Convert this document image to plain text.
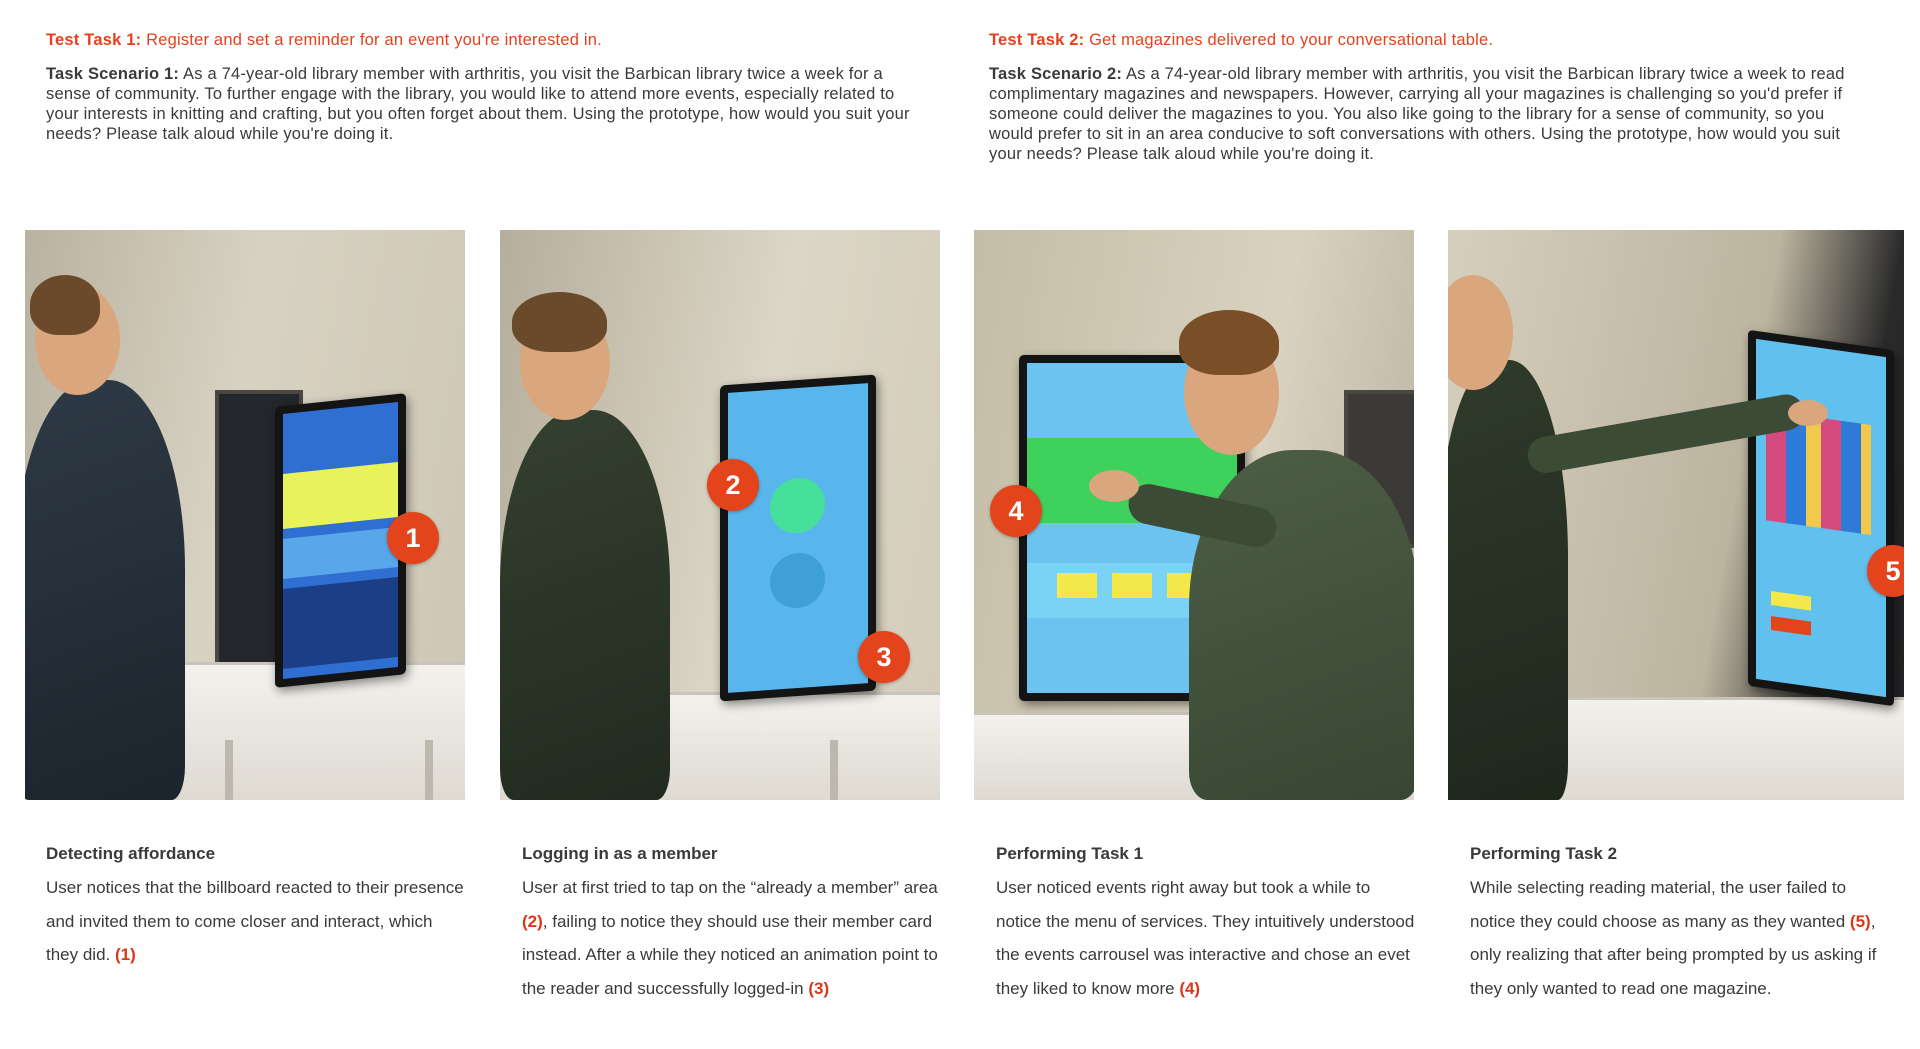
Test Task 1: Register and set a reminder for an event you're interested in.
Task Scenario 1: As a 74-year-old library member with arthritis, you visit the Barbican library twice a week for a sense of community. To further engage with the library, you would like to attend more events, especially related to your interests in knitting and crafting, but you often forget about them. Using the prototype, how would you suit your needs? Please talk aloud while you're doing it.
Test Task 2: Get magazines delivered to your conversational table.
Task Scenario 2: As a 74-year-old library member with arthritis, you visit the Barbican library twice a week to read complimentary magazines and newspapers. However, carrying all your magazines is challenging so you'd prefer if someone could deliver the magazines to you. You also like going to the library for a sense of community, so you would prefer to sit in an area conducive to soft conversations with others. Using the prototype, how would you suit your needs? Please talk aloud while you're doing it.
1
2
3
4
5
Detecting affordance
User notices that the billboard reacted to their presence and invited them to come closer and interact, which they did. (1)
Logging in as a member
User at first tried to tap on the “already a member” area (2), failing to notice they should use their member card instead. After a while they noticed an animation point to the reader and successfully logged-in (3)
Performing Task 1
User noticed events right away but took a while to notice the menu of services. They intuitively understood the events carrousel was interactive and chose an evet they liked to know more (4)
Performing Task 2
While selecting reading material, the user failed to notice they could choose as many as they wanted (5), only realizing that after being prompted by us asking if they only wanted to read one magazine.
